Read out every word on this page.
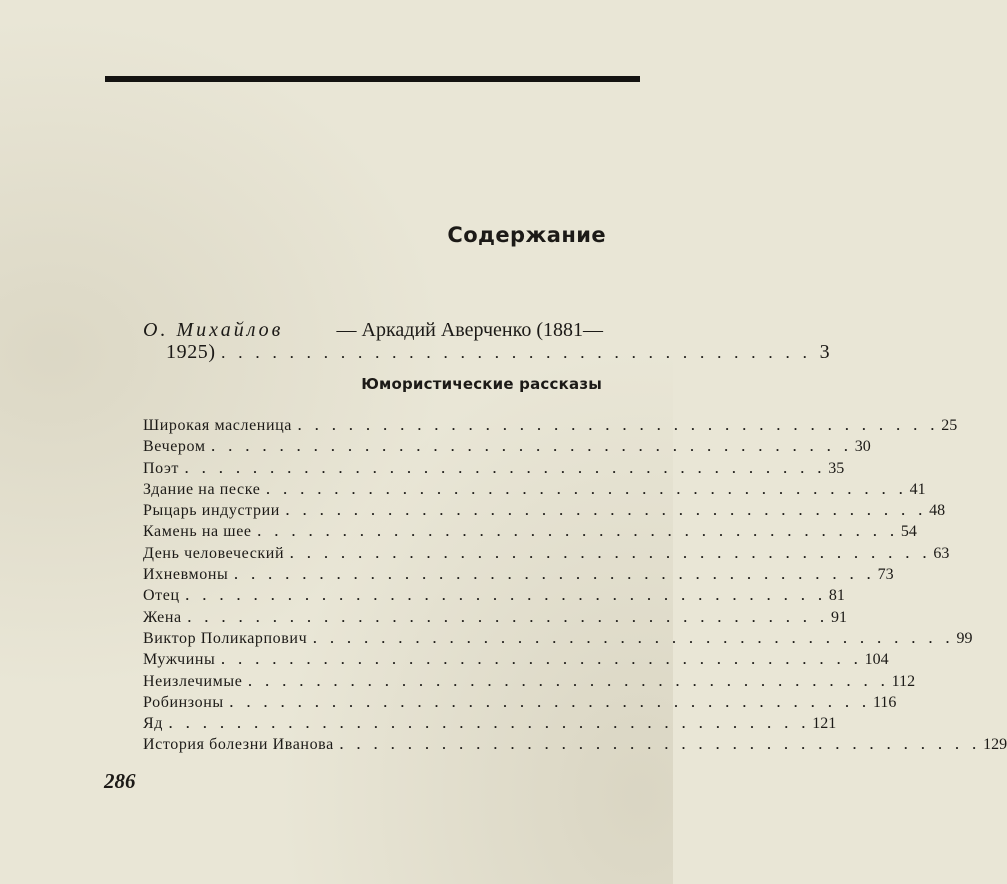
Содержание
О. Михайлов	— Аркадий Аверченко (1881—
1925) . . . . . . . . . . . . . . . . . . . . . . . . . . . . . . . . . . . 3
Юмористические рассказы
Широкая масленица . . . . . . . . . . . . . . . . . . . . . . . . . . . . . . . . . . . . . . 25
Вечером . . . . . . . . . . . . . . . . . . . . . . . . . . . . . . . . . . . . . . 30
Поэт . . . . . . . . . . . . . . . . . . . . . . . . . . . . . . . . . . . . . . 35
Здание на песке . . . . . . . . . . . . . . . . . . . . . . . . . . . . . . . . . . . . . . 41
Рыцарь индустрии . . . . . . . . . . . . . . . . . . . . . . . . . . . . . . . . . . . . . . 48
Камень на шее . . . . . . . . . . . . . . . . . . . . . . . . . . . . . . . . . . . . . . 54
День человеческий . . . . . . . . . . . . . . . . . . . . . . . . . . . . . . . . . . . . . . 63
Ихневмоны . . . . . . . . . . . . . . . . . . . . . . . . . . . . . . . . . . . . . . 73
Отец . . . . . . . . . . . . . . . . . . . . . . . . . . . . . . . . . . . . . . 81
Жена . . . . . . . . . . . . . . . . . . . . . . . . . . . . . . . . . . . . . . 91
Виктор Поликарпович . . . . . . . . . . . . . . . . . . . . . . . . . . . . . . . . . . . . . . 99
Мужчины . . . . . . . . . . . . . . . . . . . . . . . . . . . . . . . . . . . . . . 104
Неизлечимые . . . . . . . . . . . . . . . . . . . . . . . . . . . . . . . . . . . . . . 112
Робинзоны . . . . . . . . . . . . . . . . . . . . . . . . . . . . . . . . . . . . . . 116
Яд . . . . . . . . . . . . . . . . . . . . . . . . . . . . . . . . . . . . . . 121
История болезни Иванова . . . . . . . . . . . . . . . . . . . . . . . . . . . . . . . . . . . . . . 129
286
